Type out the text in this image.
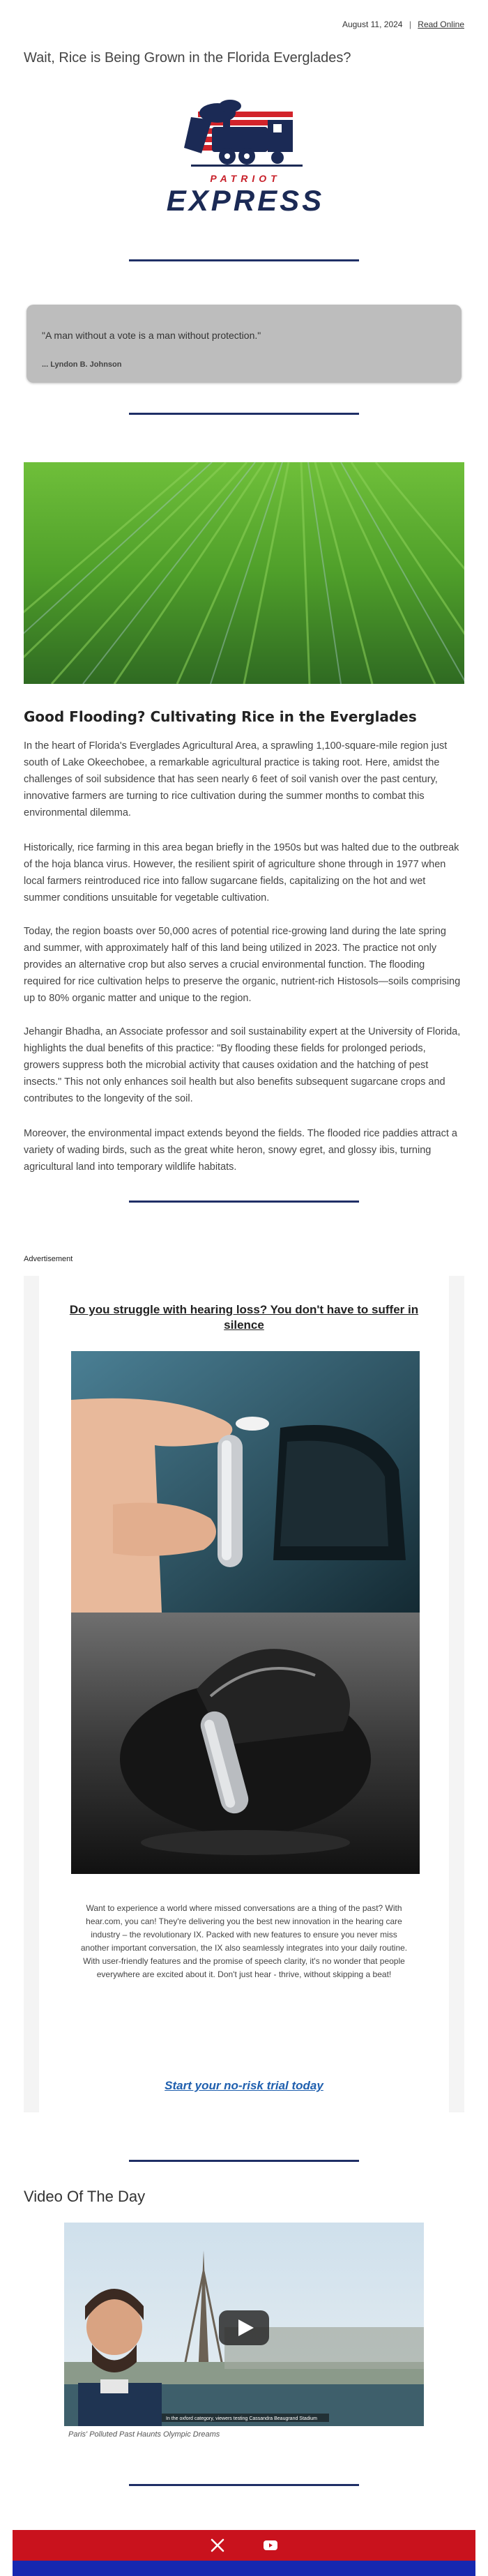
August 11, 2024 | Read Online
Wait, Rice is Being Grown in the Florida Everglades?
PATRIOT
EXPRESS
"A man without a vote is a man without protection."
... Lyndon B. Johnson
Good Flooding? Cultivating Rice in the Everglades
In the heart of Florida's Everglades Agricultural Area, a sprawling 1,100-square-mile region just south of Lake Okeechobee, a remarkable agricultural practice is taking root. Here, amidst the challenges of soil subsidence that has seen nearly 6 feet of soil vanish over the past century, innovative farmers are turning to rice cultivation during the summer months to combat this environmental dilemma.
Historically, rice farming in this area began briefly in the 1950s but was halted due to the outbreak of the hoja blanca virus. However, the resilient spirit of agriculture shone through in 1977 when local farmers reintroduced rice into fallow sugarcane fields, capitalizing on the hot and wet summer conditions unsuitable for vegetable cultivation.
Today, the region boasts over 50,000 acres of potential rice-growing land during the late spring and summer, with approximately half of this land being utilized in 2023. The practice not only provides an alternative crop but also serves a crucial environmental function. The flooding required for rice cultivation helps to preserve the organic, nutrient-rich Histosols—soils comprising up to 80% organic matter and unique to the region.
Jehangir Bhadha, an Associate professor and soil sustainability expert at the University of Florida, highlights the dual benefits of this practice: "By flooding these fields for prolonged periods, growers suppress both the microbial activity that causes oxidation and the hatching of pest insects." This not only enhances soil health but also benefits subsequent sugarcane crops and contributes to the longevity of the soil.
Moreover, the environmental impact extends beyond the fields. The flooded rice paddies attract a variety of wading birds, such as the great white heron, snowy egret, and glossy ibis, turning agricultural land into temporary wildlife habitats.
Advertisement
Do you struggle with hearing loss? You don't have to suffer in silence
Want to experience a world where missed conversations are a thing of the past? With hear.com, you can! They're delivering you the best new innovation in the hearing care industry – the revolutionary IX. Packed with new features to ensure you never miss another important conversation, the IX also seamlessly integrates into your daily routine. With user-friendly features and the promise of speech clarity, it's no wonder that people everywhere are excited about it. Don't just hear - thrive, without skipping a beat!
Start your no-risk trial today
Video Of The Day
In the oxford category, viewers testing Cassandra Beaugrand Stadium
Paris' Polluted Past Haunts Olympic Dreams
